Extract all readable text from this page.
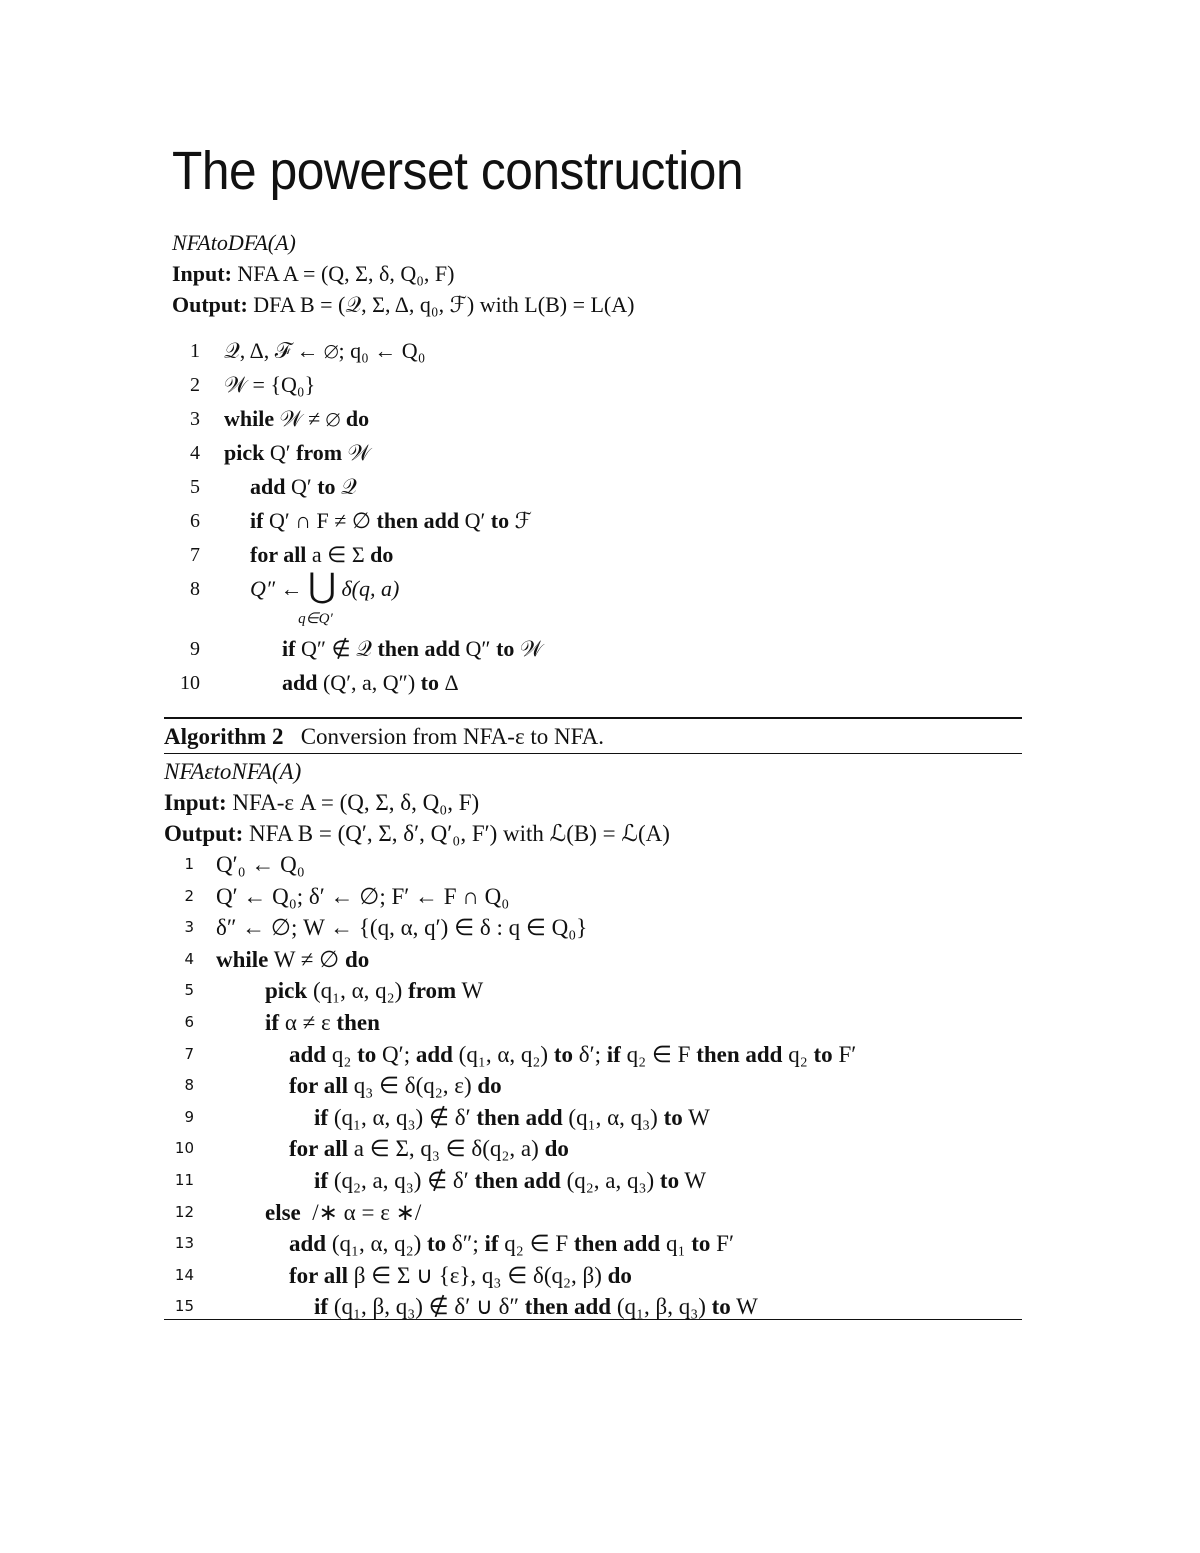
The powerset construction
NFAtoDFA(A)
Input: NFA A = (Q, Σ, δ, Q₀, F)
Output: DFA B = (𝒬, Σ, Δ, q₀, ℱ) with L(B) = L(A)
1 𝒬, Δ, ℱ ← ∅; q₀ ← Q₀
2 𝒲 = {Q₀}
3 while 𝒲 ≠ ∅ do
4 pick Q′ from 𝒲
5 add Q′ to 𝒬
6 if Q′ ∩ F ≠ ∅ then add Q′ to ℱ
7 for all a ∈ Σ do
8 Q″ ← ⋃
q∈Q′
δ(q, a)
9	if Q″ ∉ 𝒬 then add Q″ to 𝒲
10	add (Q′, a, Q″) to Δ
Algorithm 2 Conversion from NFA-ε to NFA.
NFAεtoNFA(A)
Input: NFA-ε A = (Q, Σ, δ, Q₀, F)
Output: NFA B = (Q′, Σ, δ′, Q′₀, F′) with ℒ(B) = ℒ(A)
1 Q′₀ ← Q₀
2 Q′ ← Q₀; δ′ ← ∅; F′ ← F ∩ Q₀
3 δ″ ← ∅; W ← {(q, α, q′) ∈ δ : q ∈ Q₀}
4 while W ≠ ∅ do
5	pick (q₁, α, q₂) from W
6	if α ≠ ε then
7	add q₂ to Q′; add (q₁, α, q₂) to δ′; if q₂ ∈ F then add q₂ to F′
8	for all q₃ ∈ δ(q₂, ε) do
9	if (q₁, α, q₃) ∉ δ′ then add (q₁, α, q₃) to W
10	for all a ∈ Σ, q₃ ∈ δ(q₂, a) do
11	if (q₂, a, q₃) ∉ δ′ then add (q₂, a, q₃) to W
12	else  /∗ α = ε ∗/
13	add (q₁, α, q₂) to δ″; if q₂ ∈ F then add q₁ to F′
14	for all β ∈ Σ ∪ {ε}, q₃ ∈ δ(q₂, β) do
15	if (q₁, β, q₃) ∉ δ′ ∪ δ″ then add (q₁, β, q₃) to W
